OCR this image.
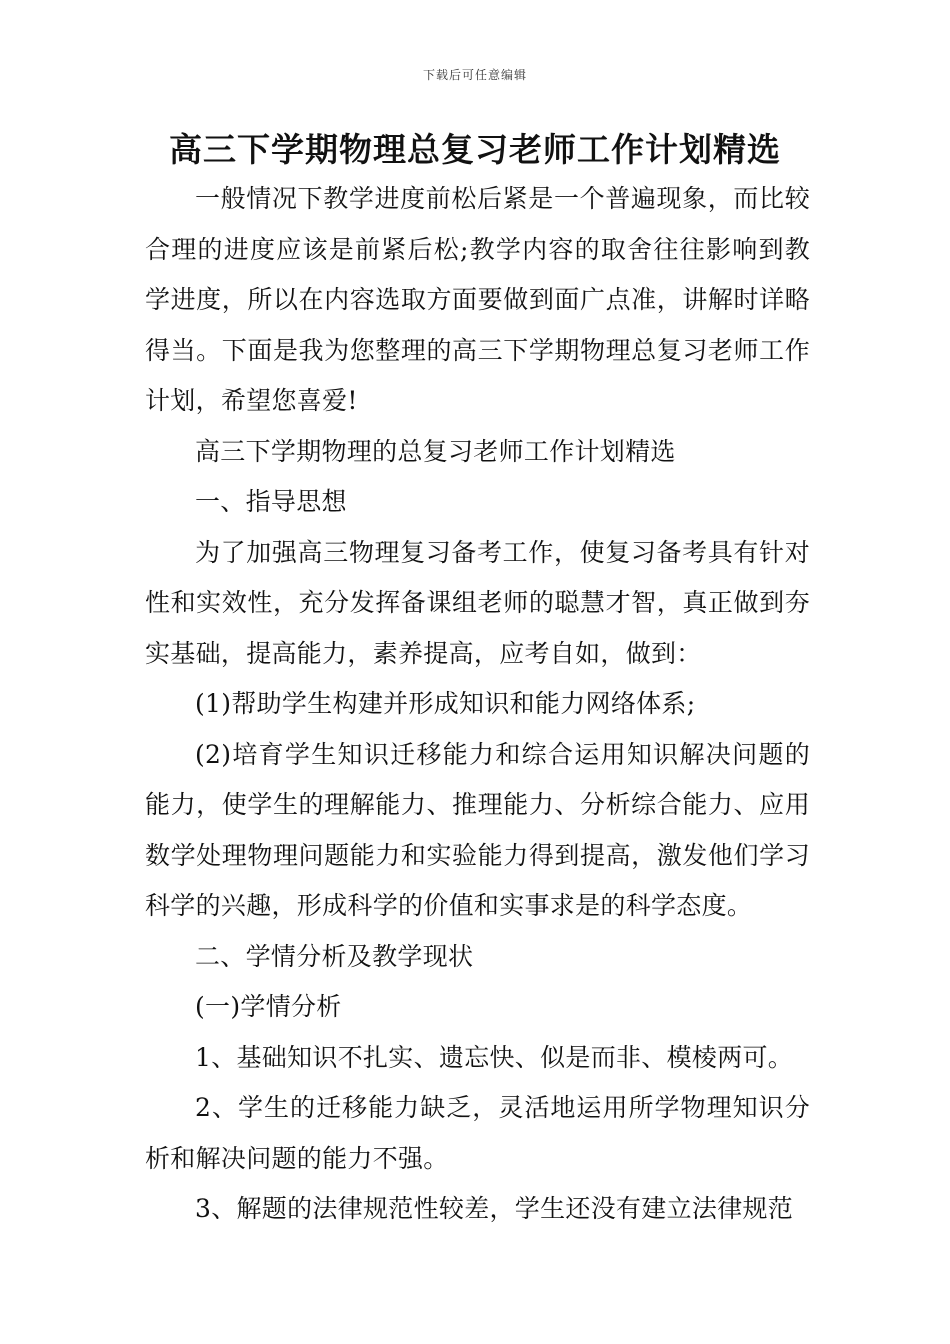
下载后可任意编辑
高三下学期物理总复习老师工作计划精选

一般情况下教学进度前松后紧是一个普遍现象，而比较合理的进度应该是前紧后松;教学内容的取舍往往影响到教学进度，所以在内容选取方面要做到面广点准，讲解时详略得当。下面是我为您整理的高三下学期物理总复习老师工作计划，希望您喜爱!

高三下学期物理的总复习老师工作计划精选

一、指导思想

为了加强高三物理复习备考工作，使复习备考具有针对性和实效性，充分发挥备课组老师的聪慧才智，真正做到夯实基础，提高能力，素养提高，应考自如，做到：

(1)帮助学生构建并形成知识和能力网络体系;

(2)培育学生知识迁移能力和综合运用知识解决问题的能力，使学生的理解能力、推理能力、分析综合能力、应用数学处理物理问题能力和实验能力得到提高，激发他们学习科学的兴趣，形成科学的价值和实事求是的科学态度。

二、学情分析及教学现状

(一)学情分析

1、基础知识不扎实、遗忘快、似是而非、模棱两可。

2、学生的迁移能力缺乏，灵活地运用所学物理知识分析和解决问题的能力不强。

3、解题的法律规范性较差，学生还没有建立法律规范
